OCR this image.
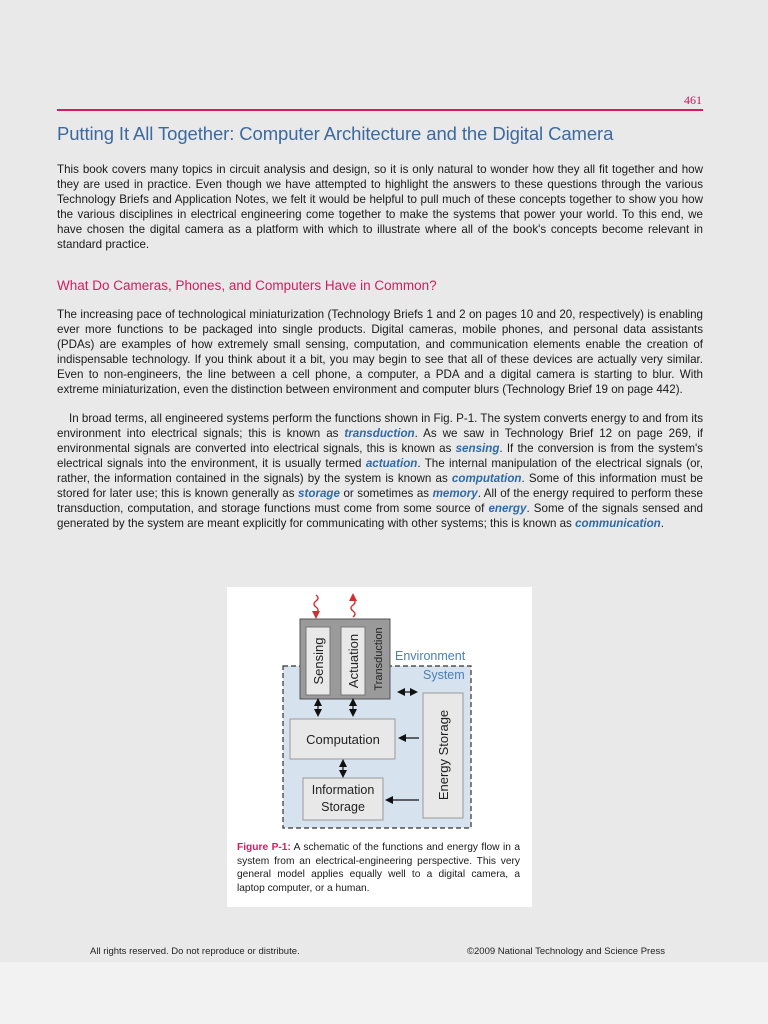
461
Putting It All Together: Computer Architecture and the Digital Camera

This book covers many topics in circuit analysis and design, so it is only natural to wonder how they all fit together and how they are used in practice. Even though we have attempted to highlight the answers to these questions through the various Technology Briefs and Application Notes, we felt it would be helpful to pull much of these concepts together to show you how the various disciplines in electrical engineering come together to make the systems that power your world. To this end, we have chosen the digital camera as a platform with which to illustrate where all of the book's concepts become relevant in standard practice.

What Do Cameras, Phones, and Computers Have in Common?

The increasing pace of technological miniaturization (Technology Briefs 1 and 2 on pages 10 and 20, respectively) is enabling ever more functions to be packaged into single products. Digital cameras, mobile phones, and personal data assistants (PDAs) are examples of how extremely small sensing, computation, and communication elements enable the creation of indispensable technology. If you think about it a bit, you may begin to see that all of these devices are actually very similar. Even to non-engineers, the line between a cell phone, a computer, a PDA and a digital camera is starting to blur. With extreme miniaturization, even the distinction between environment and computer blurs (Technology Brief 19 on page 442).

In broad terms, all engineered systems perform the functions shown in Fig. P-1. The system converts energy to and from its environment into electrical signals; this is known as transduction. As we saw in Technology Brief 12 on page 269, if environmental signals are converted into electrical signals, this is known as sensing. If the conversion is from the system's electrical signals into the environment, it is usually termed actuation. The internal manipulation of the electrical signals (or, rather, the information contained in the signals) by the system is known as computation. Some of this information must be stored for later use; this is known generally as storage or sometimes as memory. All of the energy required to perform these transduction, computation, and storage functions must come from some source of energy. Some of the signals sensed and generated by the system are meant explicitly for communicating with other systems; this is known as communication.

Sensing Actuation Transduction Environment
System
Computation
Information
Storage
Energy Storage

Figure P-1: A schematic of the functions and energy flow in a system from an electrical-engineering perspective. This very general model applies equally well to a digital camera, a laptop computer, or a human.

All rights reserved. Do not reproduce or distribute.	©2009 National Technology and Science Press
